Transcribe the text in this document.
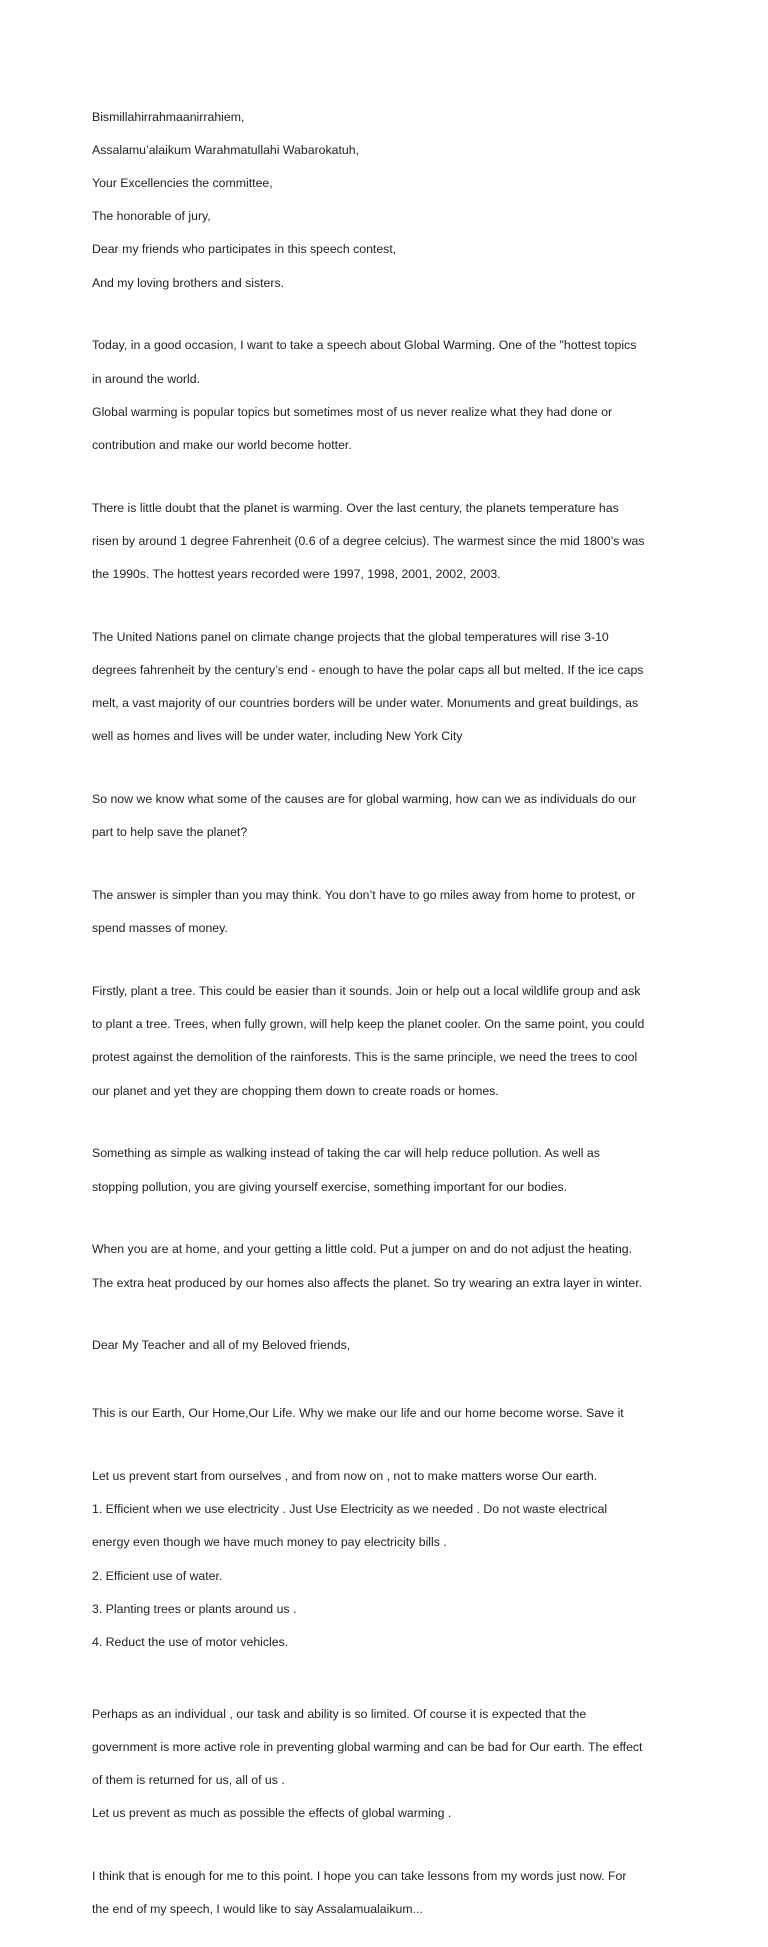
Bismillahirrahmaanirrahiem,

Assalamu’alaikum Warahmatullahi Wabarokatuh,

Your Excellencies the committee,

The honorable of jury,

Dear my friends who participates in this speech contest,

And my loving brothers and sisters.

Today, in a good occasion, I want to take a speech about Global Warming. One of the "hottest topics

in around the world.

Global warming is popular topics but sometimes most of us never realize what they had done or

contribution and make our world become hotter.

There is little doubt that the planet is warming. Over the last century, the planets temperature has

risen by around 1 degree Fahrenheit (0.6 of a degree celcius). The warmest since the mid 1800’s was

the 1990s. The hottest years recorded were 1997, 1998, 2001, 2002, 2003.

The United Nations panel on climate change projects that the global temperatures will rise 3-10

degrees fahrenheit by the century’s end - enough to have the polar caps all but melted. If the ice caps

melt, a vast majority of our countries borders will be under water. Monuments and great buildings, as

well as homes and lives will be under water, including New York City

So now we know what some of the causes are for global warming, how can we as individuals do our

part to help save the planet?

The answer is simpler than you may think. You don’t have to go miles away from home to protest, or

spend masses of money.

Firstly, plant a tree. This could be easier than it sounds. Join or help out a local wildlife group and ask

to plant a tree. Trees, when fully grown, will help keep the planet cooler. On the same point, you could

protest against the demolition of the rainforests. This is the same principle, we need the trees to cool

our planet and yet they are chopping them down to create roads or homes.

Something as simple as walking instead of taking the car will help reduce pollution. As well as

stopping pollution, you are giving yourself exercise, something important for our bodies.

When you are at home, and your getting a little cold. Put a jumper on and do not adjust the heating.

The extra heat produced by our homes also affects the planet. So try wearing an extra layer in winter.

Dear My Teacher and all of my Beloved friends,

This is our Earth, Our Home,Our Life. Why we make our life and our home become worse. Save it

Let us prevent start from ourselves , and from now on , not to make matters worse Our earth.

1. Efficient when we use electricity . Just Use Electricity as we needed . Do not waste electrical

energy even though we have much money to pay electricity bills .

2. Efficient use of water.

3. Planting trees or plants around us .

4. Reduct the use of motor vehicles.

Perhaps as an individual , our task and ability is so limited. Of course it is expected that the

government is more active role in preventing global warming and can be bad for Our earth. The effect

of them is returned for us, all of us .

Let us prevent as much as possible the effects of global warming .

I think that is enough for me to this point. I hope you can take lessons from my words just now. For

the end of my speech, I would like to say Assalamualaikum...
